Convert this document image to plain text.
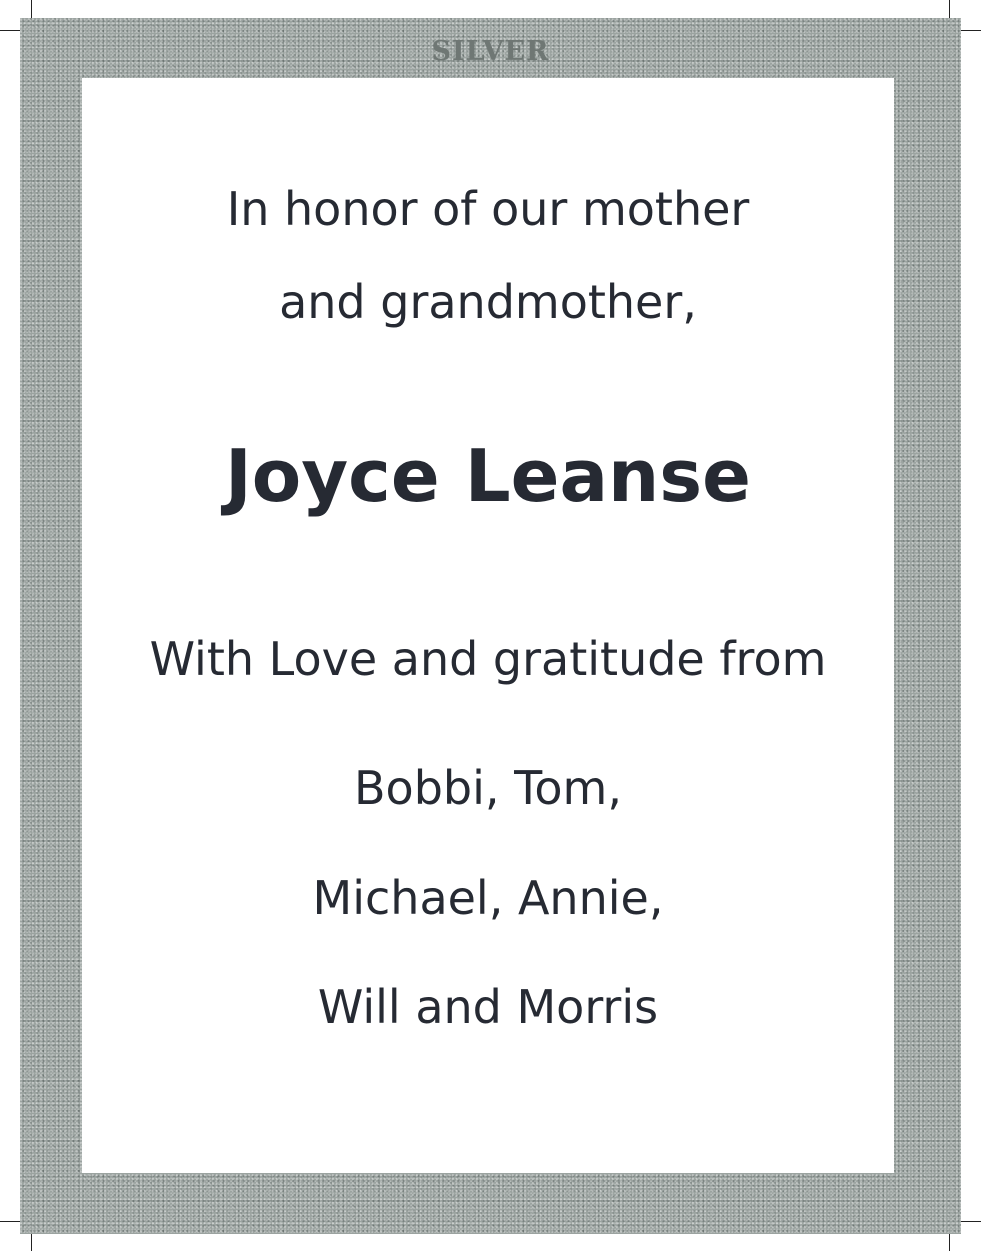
SILVER
In honor of our mother
and grandmother,
Joyce Leanse
With Love and gratitude from
Bobbi, Tom,
Michael, Annie,
Will and Morris
